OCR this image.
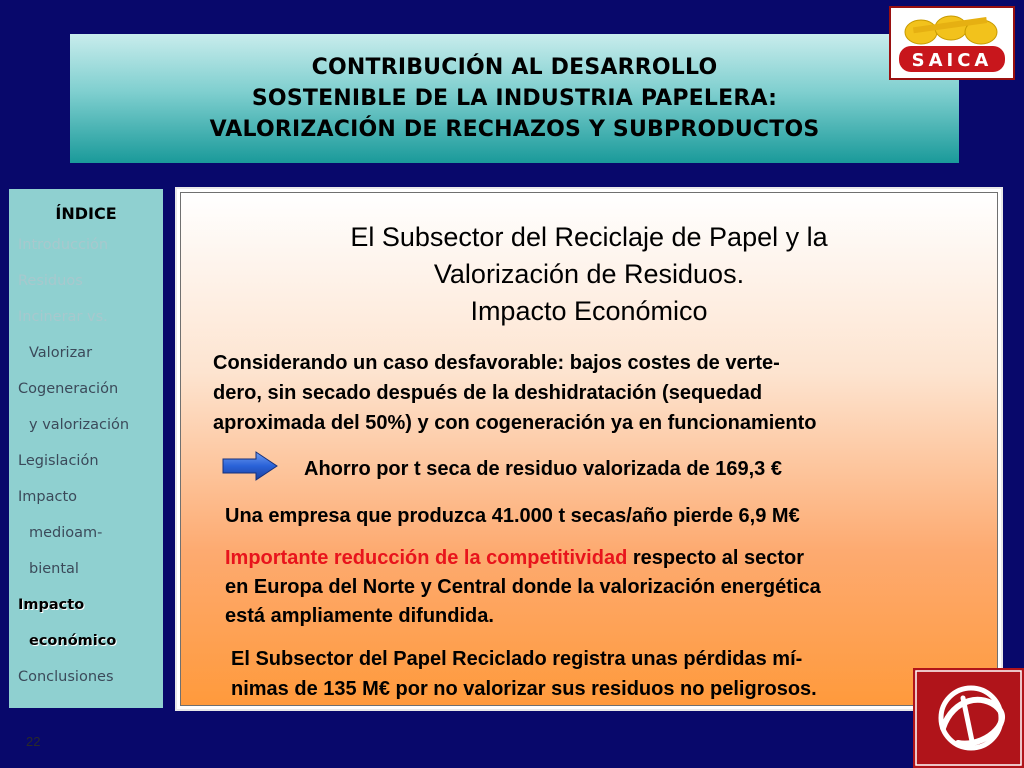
CONTRIBUCIÓN AL DESARROLLO
SOSTENIBLE DE LA INDUSTRIA PAPELERA:
VALORIZACIÓN DE RECHAZOS Y SUBPRODUCTOS
SAICA
ÍNDICE
Introducción
Residuos
Incinerar vs.
Valorizar
Cogeneración
y valorización
Legislación
Impacto
medioam-
biental
Impacto
económico
Conclusiones
El Subsector del Reciclaje de Papel y la
Valorización de Residuos.
Impacto Económico
Considerando un caso desfavorable: bajos costes de verte-
dero, sin secado después de la deshidratación (sequedad
aproximada del 50%) y con cogeneración ya en funcionamiento
Ahorro por t seca de residuo valorizada de 169,3 €
Una empresa que produzca 41.000 t secas/año pierde 6,9 M€
Importante reducción de la competitividad respecto al sector
en Europa del Norte y Central donde la valorización energética
está ampliamente difundida.
El Subsector del Papel Reciclado registra unas pérdidas mí-
nimas de 135 M€ por no valorizar sus residuos no peligrosos.
22
